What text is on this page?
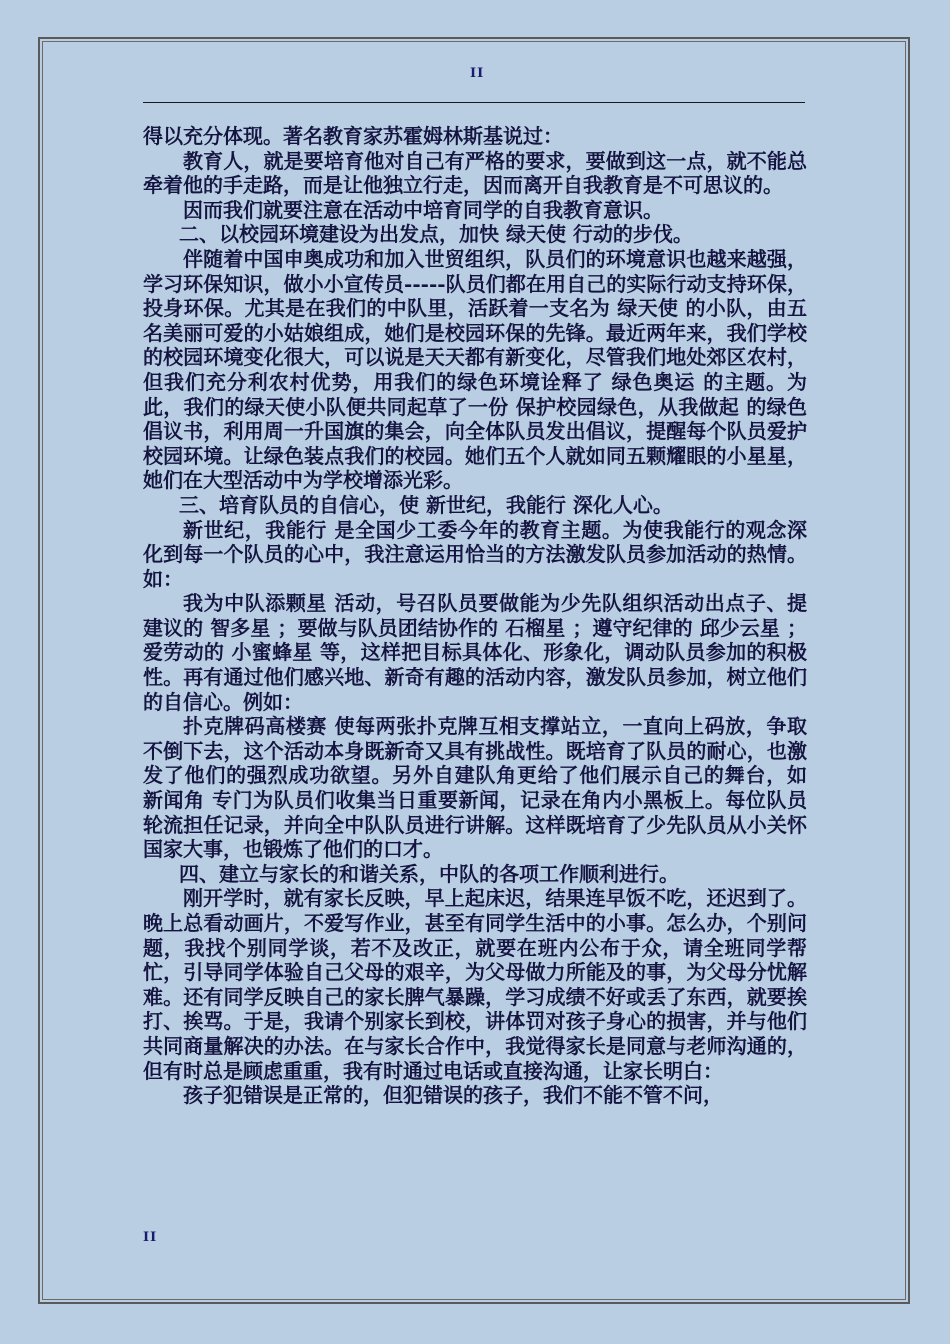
II

得以充分体现。著名教育家苏霍姆林斯基说过：

教育人，就是要培育他对自己有严格的要求，要做到这一点，就不能总牵着他的手走路，而是让他独立行走，因而离开自我教育是不可思议的。

因而我们就要注意在活动中培育同学的自我教育意识。

二、以校园环境建设为出发点，加快 绿天使 行动的步伐。

伴随着中国申奥成功和加入世贸组织，队员们的环境意识也越来越强，学习环保知识，做小小宣传员-----队员们都在用自己的实际行动支持环保，投身环保。尤其是在我们的中队里，活跃着一支名为 绿天使 的小队，由五名美丽可爱的小姑娘组成，她们是校园环保的先锋。最近两年来，我们学校的校园环境变化很大，可以说是天天都有新变化，尽管我们地处郊区农村，但我们充分利农村优势，用我们的绿色环境诠释了 绿色奥运 的主题。为此，我们的绿天使小队便共同起草了一份 保护校园绿色，从我做起 的绿色倡议书，利用周一升国旗的集会，向全体队员发出倡议，提醒每个队员爱护校园环境。让绿色装点我们的校园。她们五个人就如同五颗耀眼的小星星，她们在大型活动中为学校增添光彩。

三、培育队员的自信心，使 新世纪，我能行 深化人心。

新世纪，我能行 是全国少工委今年的教育主题。为使我能行的观念深化到每一个队员的心中，我注意运用恰当的方法激发队员参加活动的热情。如：

我为中队添颗星 活动，号召队员要做能为少先队组织活动出点子、提建议的 智多星 ；要做与队员团结协作的 石榴星 ；遵守纪律的 邱少云星 ；爱劳动的 小蜜蜂星 等，这样把目标具体化、形象化，调动队员参加的积极性。再有通过他们感兴地、新奇有趣的活动内容，激发队员参加，树立他们的自信心。例如：

扑克牌码高楼赛 使每两张扑克牌互相支撑站立，一直向上码放，争取不倒下去，这个活动本身既新奇又具有挑战性。既培育了队员的耐心，也激发了他们的强烈成功欲望。另外自建队角更给了他们展示自己的舞台，如 新闻角 专门为队员们收集当日重要新闻，记录在角内小黑板上。每位队员轮流担任记录，并向全中队队员进行讲解。这样既培育了少先队员从小关怀国家大事，也锻炼了他们的口才。

四、建立与家长的和谐关系，中队的各项工作顺利进行。

刚开学时，就有家长反映，早上起床迟，结果连早饭不吃，还迟到了。晚上总看动画片，不爱写作业，甚至有同学生活中的小事。怎么办，个别问题，我找个别同学谈，若不及改正，就要在班内公布于众，请全班同学帮忙，引导同学体验自己父母的艰辛，为父母做力所能及的事，为父母分忧解难。还有同学反映自己的家长脾气暴躁，学习成绩不好或丢了东西，就要挨打、挨骂。于是，我请个别家长到校，讲体罚对孩子身心的损害，并与他们共同商量解决的办法。在与家长合作中，我觉得家长是同意与老师沟通的，但有时总是顾虑重重，我有时通过电话或直接沟通，让家长明白：

孩子犯错误是正常的，但犯错误的孩子，我们不能不管不问，

II
